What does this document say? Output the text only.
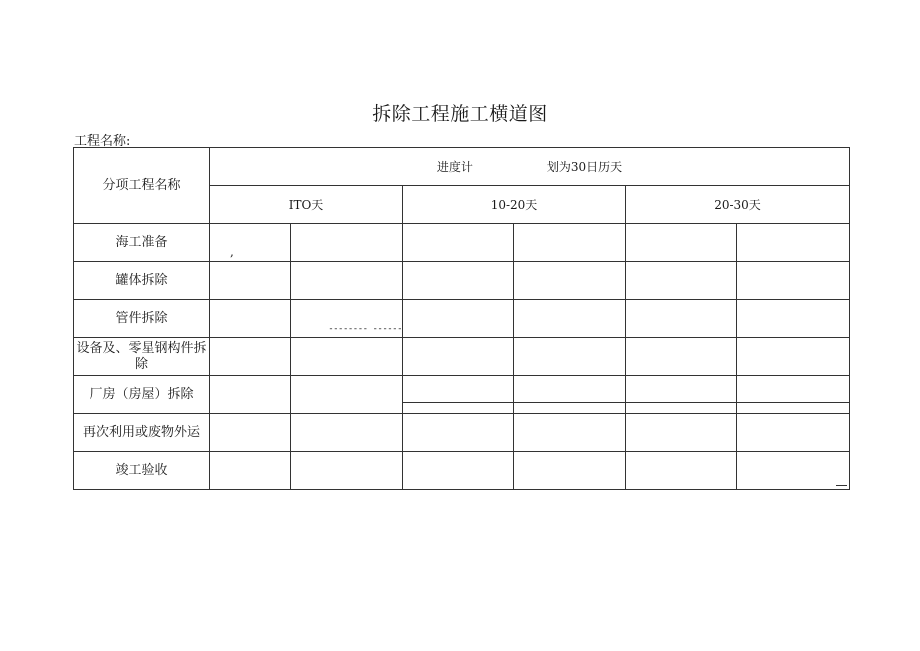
拆除工程施工横道图
工程名称:
分项工程名称	进度计 划为30日历天					
	ITO天		10-20天		20-30天	
海工准备	,					

罐体拆除						
管件拆除		-------- ------				

设备及、零星钢构件拆除						
厂房（房屋）拆除			

再次利用或废物外运						
竣工验收						
